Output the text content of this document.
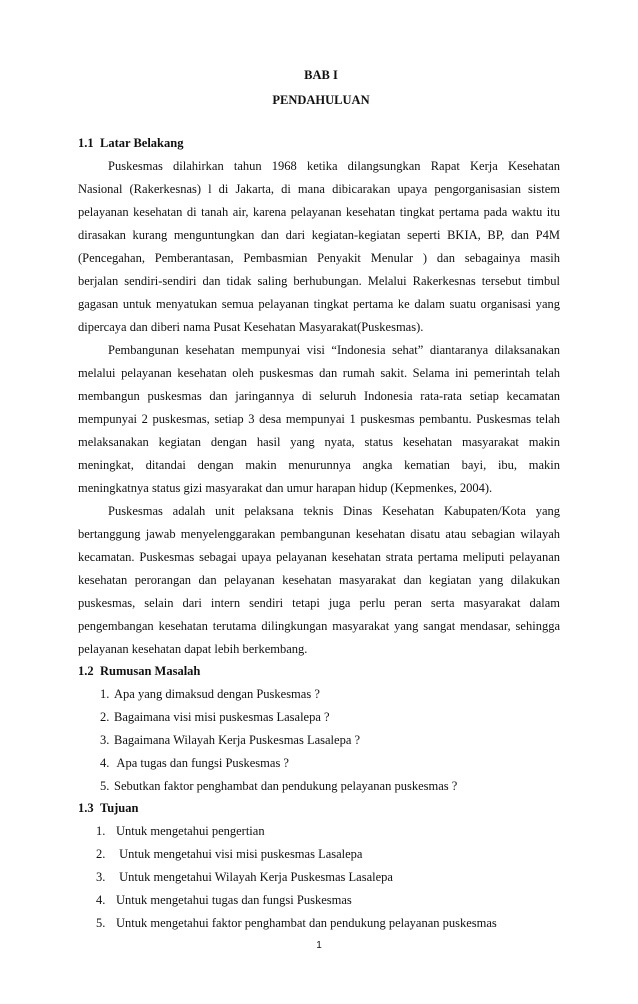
BAB I
PENDAHULUAN
1.1 Latar Belakang
Puskesmas dilahirkan tahun 1968 ketika dilangsungkan Rapat Kerja Kesehatan
Nasional (Rakerkesnas) l di Jakarta, di mana dibicarakan upaya pengorganisasian sistem
pelayanan kesehatan di tanah air, karena pelayanan kesehatan tingkat pertama pada waktu itu
dirasakan kurang menguntungkan dan dari kegiatan-kegiatan seperti BKIA, BP, dan P4M
(Pencegahan, Pemberantasan, Pembasmian Penyakit Menular ) dan sebagainya masih
berjalan sendiri-sendiri dan tidak saling berhubungan. Melalui Rakerkesnas tersebut timbul
gagasan untuk menyatukan semua pelayanan tingkat pertama ke dalam suatu organisasi yang
dipercaya dan diberi nama Pusat Kesehatan Masyarakat(Puskesmas).
Pembangunan kesehatan mempunyai visi “Indonesia sehat” diantaranya dilaksanakan
melalui pelayanan kesehatan oleh puskesmas dan rumah sakit. Selama ini pemerintah telah
membangun puskesmas dan jaringannya di seluruh Indonesia rata-rata setiap kecamatan
mempunyai 2 puskesmas, setiap 3 desa mempunyai 1 puskesmas pembantu. Puskesmas telah
melaksanakan kegiatan dengan hasil yang nyata, status kesehatan masyarakat makin
meningkat, ditandai dengan makin menurunnya angka kematian bayi, ibu, makin
meningkatnya status gizi masyarakat dan umur harapan hidup (Kepmenkes, 2004).
Puskesmas adalah unit pelaksana teknis Dinas Kesehatan Kabupaten/Kota yang
bertanggung jawab menyelenggarakan pembangunan kesehatan disatu atau sebagian wilayah
kecamatan. Puskesmas sebagai upaya pelayanan kesehatan strata pertama meliputi pelayanan
kesehatan perorangan dan pelayanan kesehatan masyarakat dan kegiatan yang dilakukan
puskesmas, selain dari intern sendiri tetapi juga perlu peran serta masyarakat dalam
pengembangan kesehatan terutama dilingkungan masyarakat yang sangat mendasar, sehingga
pelayanan kesehatan dapat lebih berkembang.
1.2 Rumusan Masalah
1. Apa yang dimaksud dengan Puskesmas ?
2. Bagaimana visi misi puskesmas Lasalepa ?
3. Bagaimana Wilayah Kerja Puskesmas Lasalepa ?
4. Apa tugas dan fungsi Puskesmas ?
5. Sebutkan faktor penghambat dan pendukung pelayanan puskesmas ?
1.3 Tujuan
1. Untuk mengetahui pengertian
2. Untuk mengetahui visi misi puskesmas Lasalepa
3. Untuk mengetahui Wilayah Kerja Puskesmas Lasalepa
4. Untuk mengetahui tugas dan fungsi Puskesmas
5. Untuk mengetahui faktor penghambat dan pendukung pelayanan puskesmas
1
